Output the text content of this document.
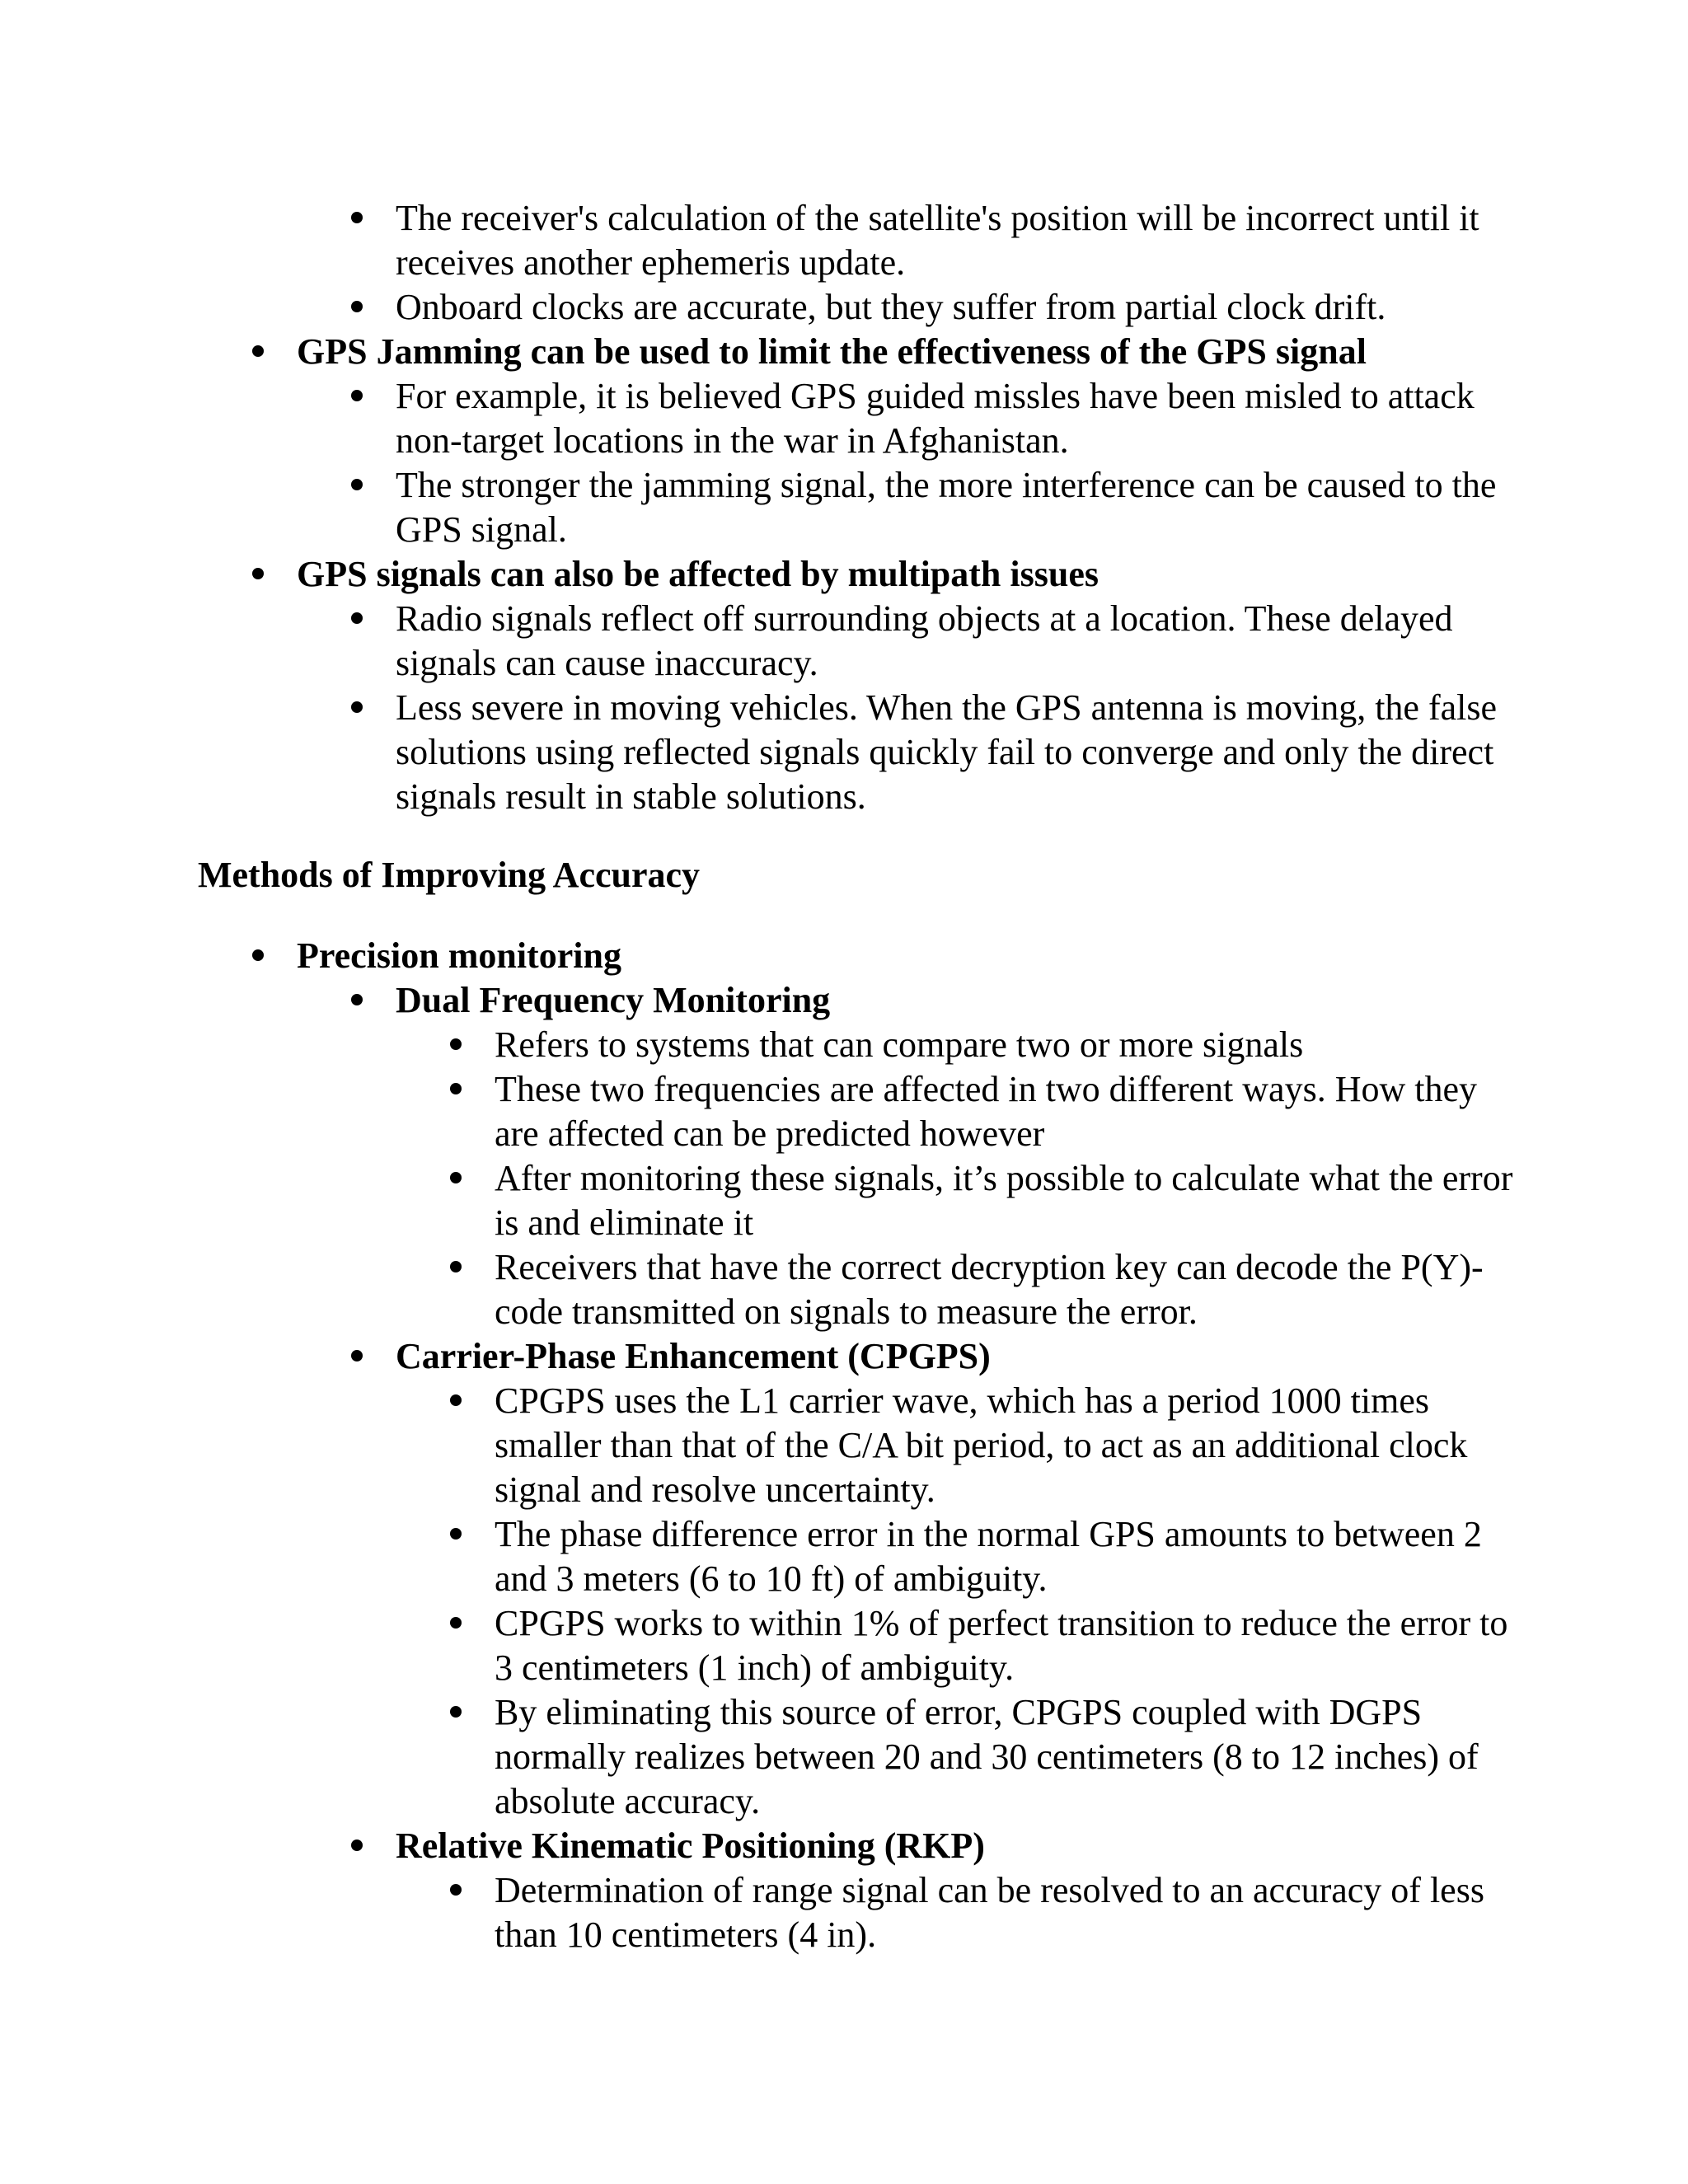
The receiver's calculation of the satellite's position will be incorrect until it receives another ephemeris update.
Onboard clocks are accurate, but they suffer from partial clock drift.
GPS Jamming can be used to limit the effectiveness of the GPS signal
For example, it is believed GPS guided missles have been misled to attack non-target locations in the war in Afghanistan.
The stronger the jamming signal, the more interference can be caused to the GPS signal.
GPS signals can also be affected by multipath issues
Radio signals reflect off surrounding objects at a location. These delayed signals can cause inaccuracy.
Less severe in moving vehicles. When the GPS antenna is moving, the false solutions using reflected signals quickly fail to converge and only the direct signals result in stable solutions.
Methods of Improving Accuracy
Precision monitoring
Dual Frequency Monitoring
Refers to systems that can compare two or more signals
These two frequencies are affected in two different ways. How they are affected can be predicted however
After monitoring these signals, it’s possible to calculate what the error is and eliminate it
Receivers that have the correct decryption key can decode the P(Y)-code transmitted on signals to measure the error.
Carrier-Phase Enhancement (CPGPS)
CPGPS uses the L1 carrier wave, which has a period 1000 times smaller than that of the C/A bit period, to act as an additional clock signal and resolve uncertainty.
The phase difference error in the normal GPS amounts to between 2 and 3 meters (6 to 10 ft) of ambiguity.
CPGPS works to within 1% of perfect transition to reduce the error to 3 centimeters (1 inch) of ambiguity.
By eliminating this source of error, CPGPS coupled with DGPS normally realizes between 20 and 30 centimeters (8 to 12 inches) of absolute accuracy.
Relative Kinematic Positioning (RKP)
Determination of range signal can be resolved to an accuracy of less than 10 centimeters (4 in).
